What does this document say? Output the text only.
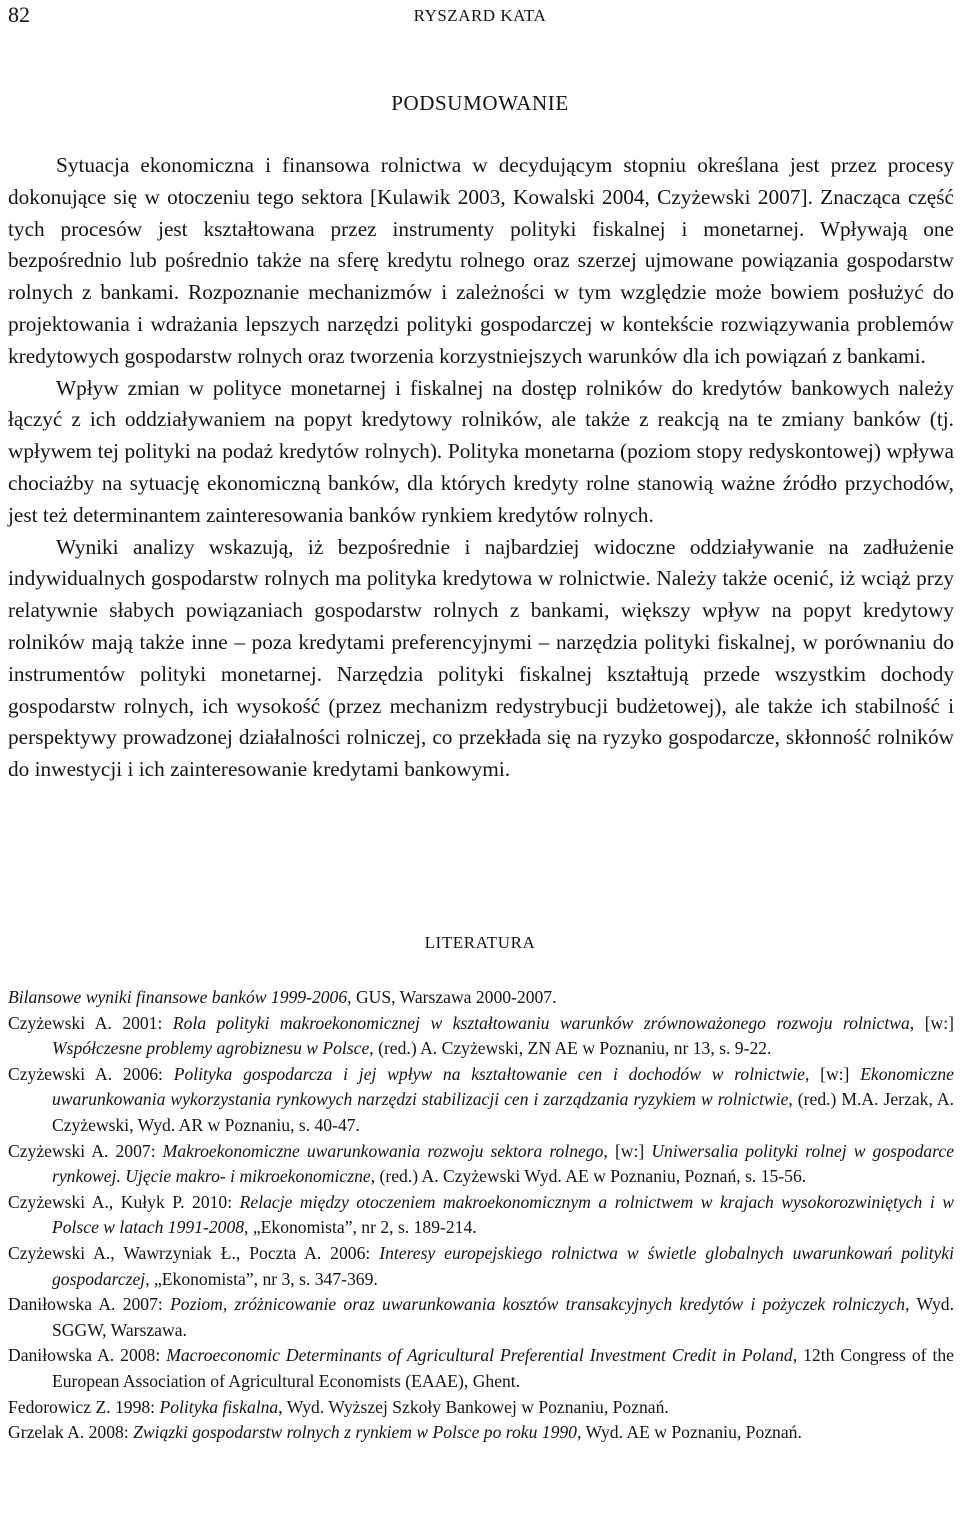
82	RYSZARD KATA
PODSUMOWANIE

Sytuacja ekonomiczna i finansowa rolnictwa w decydującym stopniu określana jest przez procesy dokonujące się w otoczeniu tego sektora [Kulawik 2003, Kowalski 2004, Czyżewski 2007]. Znacząca część tych procesów jest kształtowana przez instrumenty polityki fiskalnej i monetarnej. Wpływają one bezpośrednio lub pośrednio także na sferę kredytu rolnego oraz szerzej ujmowane powiązania gospodarstw rolnych z bankami. Rozpoznanie mechanizmów i zależności w tym względzie może bowiem posłużyć do projektowania i wdrażania lepszych narzędzi polityki gospodarczej w kontekście rozwiązywania problemów kredytowych gospodarstw rolnych oraz tworzenia korzystniejszych warunków dla ich powiązań z bankami.

Wpływ zmian w polityce monetarnej i fiskalnej na dostęp rolników do kredytów bankowych należy łączyć z ich oddziaływaniem na popyt kredytowy rolników, ale także z reakcją na te zmiany banków (tj. wpływem tej polityki na podaż kredytów rolnych). Polityka monetarna (poziom stopy redyskontowej) wpływa chociażby na sytuację ekonomiczną banków, dla których kredyty rolne stanowią ważne źródło przychodów, jest też determinantem zainteresowania banków rynkiem kredytów rolnych.

Wyniki analizy wskazują, iż bezpośrednie i najbardziej widoczne oddziaływanie na zadłużenie indywidualnych gospodarstw rolnych ma polityka kredytowa w rolnictwie. Należy także ocenić, iż wciąż przy relatywnie słabych powiązaniach gospodarstw rolnych z bankami, większy wpływ na popyt kredytowy rolników mają także inne – poza kredytami preferencyjnymi – narzędzia polityki fiskalnej, w porównaniu do instrumentów polityki monetarnej. Narzędzia polityki fiskalnej kształtują przede wszystkim dochody gospodarstw rolnych, ich wysokość (przez mechanizm redystrybucji budżetowej), ale także ich stabilność i perspektywy prowadzonej działalności rolniczej, co przekłada się na ryzyko gospodarcze, skłonność rolników do inwestycji i ich zainteresowanie kredytami bankowymi.

LITERATURA

Bilansowe wyniki finansowe banków 1999-2006, GUS, Warszawa 2000-2007.

Czyżewski A. 2001: Rola polityki makroekonomicznej w kształtowaniu warunków zrównoważonego rozwoju rolnictwa, [w:] Współczesne problemy agrobiznesu w Polsce, (red.) A. Czyżewski, ZN AE w Poznaniu, nr 13, s. 9-22.

Czyżewski A. 2006: Polityka gospodarcza i jej wpływ na kształtowanie cen i dochodów w rolnictwie, [w:] Ekonomiczne uwarunkowania wykorzystania rynkowych narzędzi stabilizacji cen i zarządzania ryzykiem w rolnictwie, (red.) M.A. Jerzak, A. Czyżewski, Wyd. AR w Poznaniu, s. 40-47.

Czyżewski A. 2007: Makroekonomiczne uwarunkowania rozwoju sektora rolnego, [w:] Uniwersalia polityki rolnej w gospodarce rynkowej. Ujęcie makro- i mikroekonomiczne, (red.) A. Czyżewski Wyd. AE w Poznaniu, Poznań, s. 15-56.

Czyżewski A., Kułyk P. 2010: Relacje między otoczeniem makroekonomicznym a rolnictwem w krajach wysokorozwiniętych i w Polsce w latach 1991-2008, „Ekonomista”, nr 2, s. 189-214.

Czyżewski A., Wawrzyniak Ł., Poczta A. 2006: Interesy europejskiego rolnictwa w świetle globalnych uwarunkowań polityki gospodarczej, „Ekonomista”, nr 3, s. 347-369.

Daniłowska A. 2007: Poziom, zróżnicowanie oraz uwarunkowania kosztów transakcyjnych kredytów i pożyczek rolniczych, Wyd. SGGW, Warszawa.

Daniłowska A. 2008: Macroeconomic Determinants of Agricultural Preferential Investment Credit in Poland, 12th Congress of the European Association of Agricultural Economists (EAAE), Ghent.

Fedorowicz Z. 1998: Polityka fiskalna, Wyd. Wyższej Szkoły Bankowej w Poznaniu, Poznań.

Grzelak A. 2008: Związki gospodarstw rolnych z rynkiem w Polsce po roku 1990, Wyd. AE w Poznaniu, Poznań.
